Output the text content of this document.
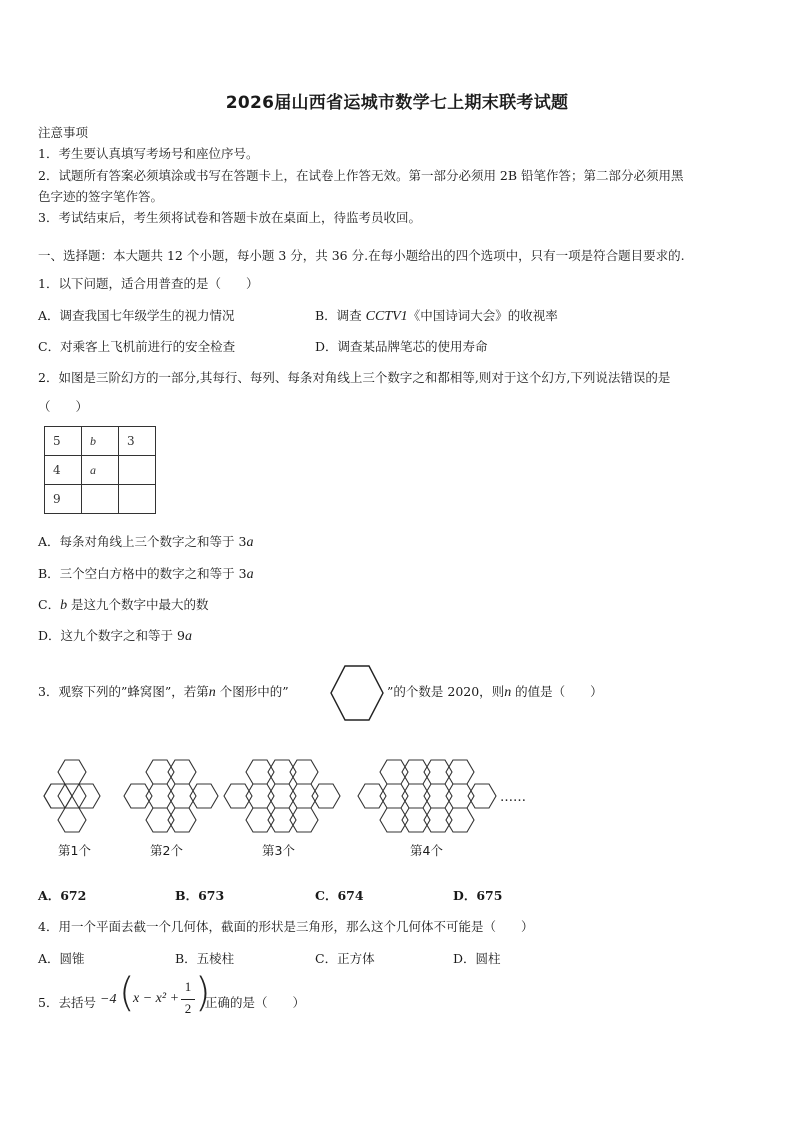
2026届山西省运城市数学七上期末联考试题
注意事项
1．考生要认真填写考场号和座位序号。
2．试题所有答案必须填涂或书写在答题卡上，在试卷上作答无效。第一部分必须用 2B 铅笔作答；第二部分必须用黑
色字迹的签字笔作答。
3．考试结束后，考生须将试卷和答题卡放在桌面上，待监考员收回。
一、选择题：本大题共 12 个小题，每小题 3 分，共 36 分.在每小题给出的四个选项中，只有一项是符合题目要求的.
1．以下问题，适合用普查的是（　　）
A．调查我国七年级学生的视力情况	B．调查 CCTV1《中国诗词大会》的收视率
C．对乘客上飞机前进行的安全检查	D．调查某品牌笔芯的使用寿命
2．如图是三阶幻方的一部分,其每行、每列、每条对角线上三个数字之和都相等,则对于这个幻方,下列说法错误的是
（　　）
5	b	3
4	a	
9		
A．每条对角线上三个数字之和等于 3a
B．三个空白方格中的数字之和等于 3a
C．b 是这九个数字中最大的数
D．这九个数字之和等于 9a
3．观察下列的”蜂窝图”，若第n 个图形中的”	”的个数是 2020，则n 的值是（　　）
……
第1个	第2个	第3个	第4个
A．672	B．673	C．674	D．675
4．用一个平面去截一个几何体，截面的形状是三角形，那么这个几何体不可能是（　　）
A．圆锥	B．五棱柱	C．正方体	D．圆柱
5．去括号 −4 (
x − x² +
1
2 )
正确的是（　　）
